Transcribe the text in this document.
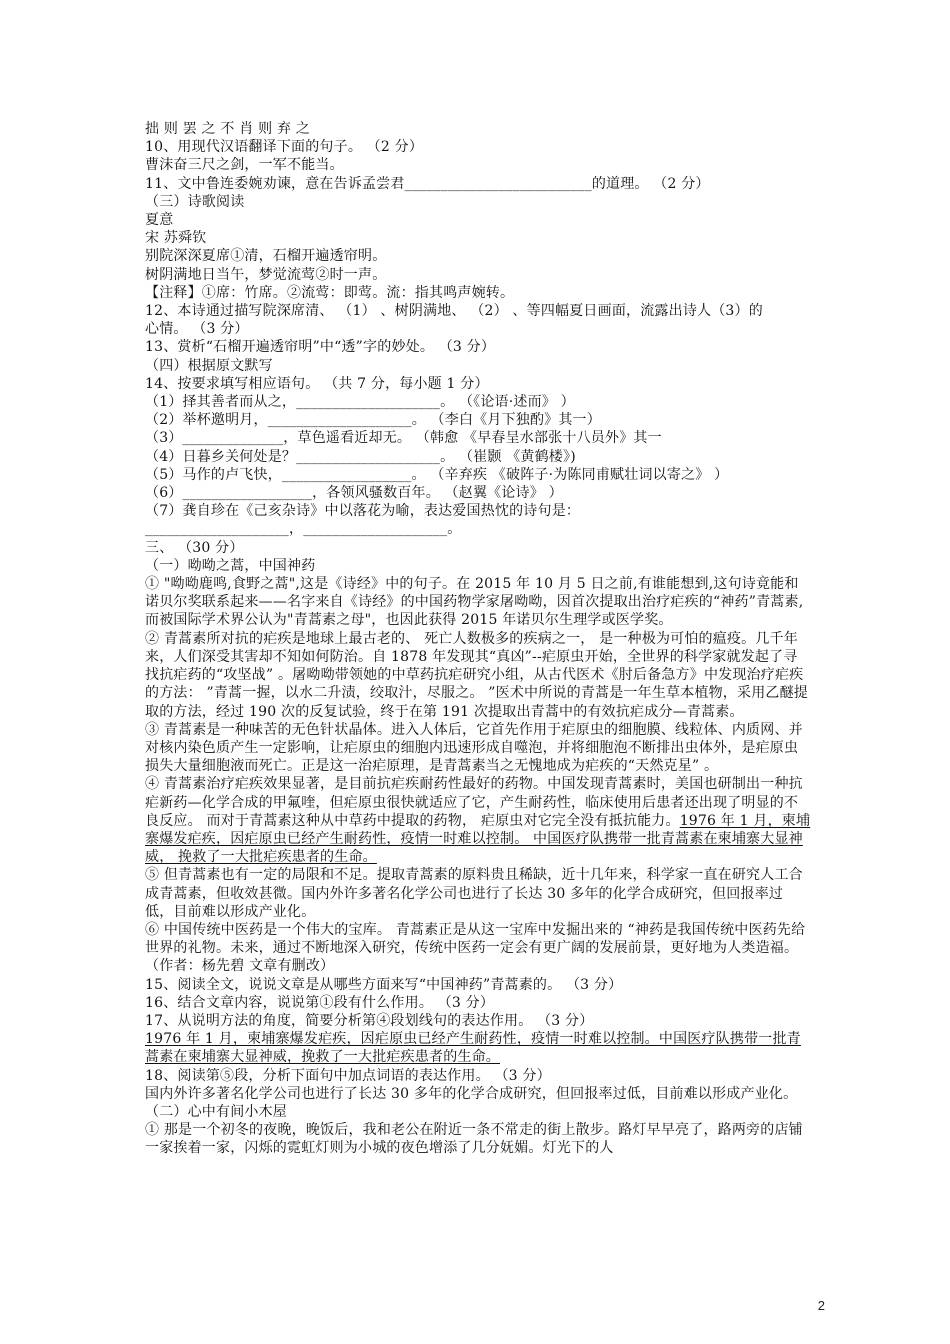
拙 则 罢 之 不 肖 则 弃 之
10、用现代汉语翻译下面的句子。 （2 分）
曹沫奋三尺之剑，一军不能当。
11、文中鲁连委婉劝谏，意在告诉孟尝君__________________________的道理。 （2 分）
（三）诗歌阅读
夏意
宋 苏舜钦
别院深深夏席①清，石榴开遍透帘明。
树阴满地日当午，梦觉流莺②时一声。
【注释】①席：竹席。②流莺：即莺。流：指其鸣声婉转。
12、本诗通过描写院深席清、 （1） 、树阴满地、 （2） 、等四幅夏日画面，流露出诗人（3）的
心情。 （3 分）
13、赏析“石榴开遍透帘明”中“透”字的妙处。 （3 分）
（四）根据原文默写
14、按要求填写相应语句。 （共 7 分，每小题 1 分）
（1）择其善者而从之，____________________。 （《论语·述而》 ）
（2）举杯邀明月，____________________。 （李白《月下独酌》其一）
（3）______________，草色遥看近却无。 （韩愈 《早春呈水部张十八员外》其一
（4）日暮乡关何处是？____________________。 （崔颢 《黄鹤楼》)
（5）马作的卢飞快，__________________。 （辛弃疾 《破阵子·为陈同甫赋壮词以寄之》 ）
（6）__________________，各领风骚数百年。 （赵翼《论诗》 ）
（7）龚自珍在《己亥杂诗》中以落花为喻，表达爱国热忱的诗句是：
____________________，____________________。
三、 （30 分）
（一）呦呦之蒿，中国神药
① "呦呦鹿鸣,食野之蒿",这是《诗经》中的句子。在 2015 年 10 月 5 日之前,有谁能想到,这句诗竟能和诺贝尔奖联系起来——名字来自《诗经》的中国药物学家屠呦呦，因首次提取出治疗疟疾的“神药”青蒿素,而被国际学术界公认为"青蒿素之母"，也因此获得 2015 年诺贝尔生理学或医学奖。
② 青蒿素所对抗的疟疾是地球上最古老的、 死亡人数极多的疾病之一， 是一种极为可怕的瘟疫。几千年来，人们深受其害却不知如何防治。自 1878 年发现其“真凶”--疟原虫开始，全世界的科学家就发起了寻找抗疟药的“攻坚战” 。屠呦呦带领她的中草药抗疟研究小组，从古代医术《肘后备急方》中发现治疗疟疾的方法： ”青蒿一握，以水二升渍，绞取汁，尽服之。 ”医术中所说的青蒿是一年生草本植物，采用乙醚提取的方法，经过 190 次的反复试验，终于在第 191 次提取出青蒿中的有效抗疟成分—青蒿素。
③ 青蒿素是一种味苦的无色针状晶体。进入人体后，它首先作用于疟原虫的细胞膜、线粒体、内质网、并对核内染色质产生一定影响，让疟原虫的细胞内迅速形成自噬泡，并将细胞泡不断排出虫体外，是疟原虫损失大量细胞液而死亡。正是这一治疟原理，是青蒿素当之无愧地成为疟疾的“天然克星” 。
④ 青蒿素治疗疟疾效果显著，是目前抗疟疾耐药性最好的药物。中国发现青蒿素时，美国也研制出一种抗疟新药—化学合成的甲氟喹，但疟原虫很快就适应了它，产生耐药性，临床使用后患者还出现了明显的不良反应。 而对于青蒿素这种从中草药中提取的药物， 疟原虫对它完全没有抵抗能力。1976 年 1 月，柬埔寨爆发疟疾，因疟原虫已经产生耐药性，疫情一时难以控制。 中国医疗队携带一批青蒿素在柬埔寨大显神威， 挽救了一大批疟疾患者的生命。
⑤ 但青蒿素也有一定的局限和不足。提取青蒿素的原料贵且稀缺，近十几年来，科学家一直在研究人工合成青蒿素，但收效甚微。国内外许多著名化学公司也进行了长达 30 多年的化学合成研究，但回报率过低，目前难以形成产业化。
⑥ 中国传统中医药是一个伟大的宝库。 青蒿素正是从这一宝库中发掘出来的 “神药是我国传统中医药先给世界的礼物。未来，通过不断地深入研究，传统中医药一定会有更广阔的发展前景，更好地为人类造福。
（作者：杨先碧 文章有删改）
15、阅读全文，说说文章是从哪些方面来写“中国神药”青蒿素的。 （3 分）
16、结合文章内容，说说第①段有什么作用。 （3 分）
17、从说明方法的角度，简要分析第④段划线句的表达作用。 （3 分）
1976 年 1 月，柬埔寨爆发疟疾，因疟原虫已经产生耐药性，疫情一时难以控制。中国医疗队携带一批青蒿素在柬埔寨大显神威，挽救了一大批疟疾患者的生命。
18、阅读第⑤段，分析下面句中加点词语的表达作用。 （3 分）
国内外许多著名化学公司也进行了长达 30 多年的化学合成研究，但回报率过低，目前难以形成产业化。
（二）心中有间小木屋
① 那是一个初冬的夜晚，晚饭后，我和老公在附近一条不常走的街上散步。路灯早早亮了，路两旁的店铺一家挨着一家，闪烁的霓虹灯则为小城的夜色增添了几分妩媚。灯光下的人
2
